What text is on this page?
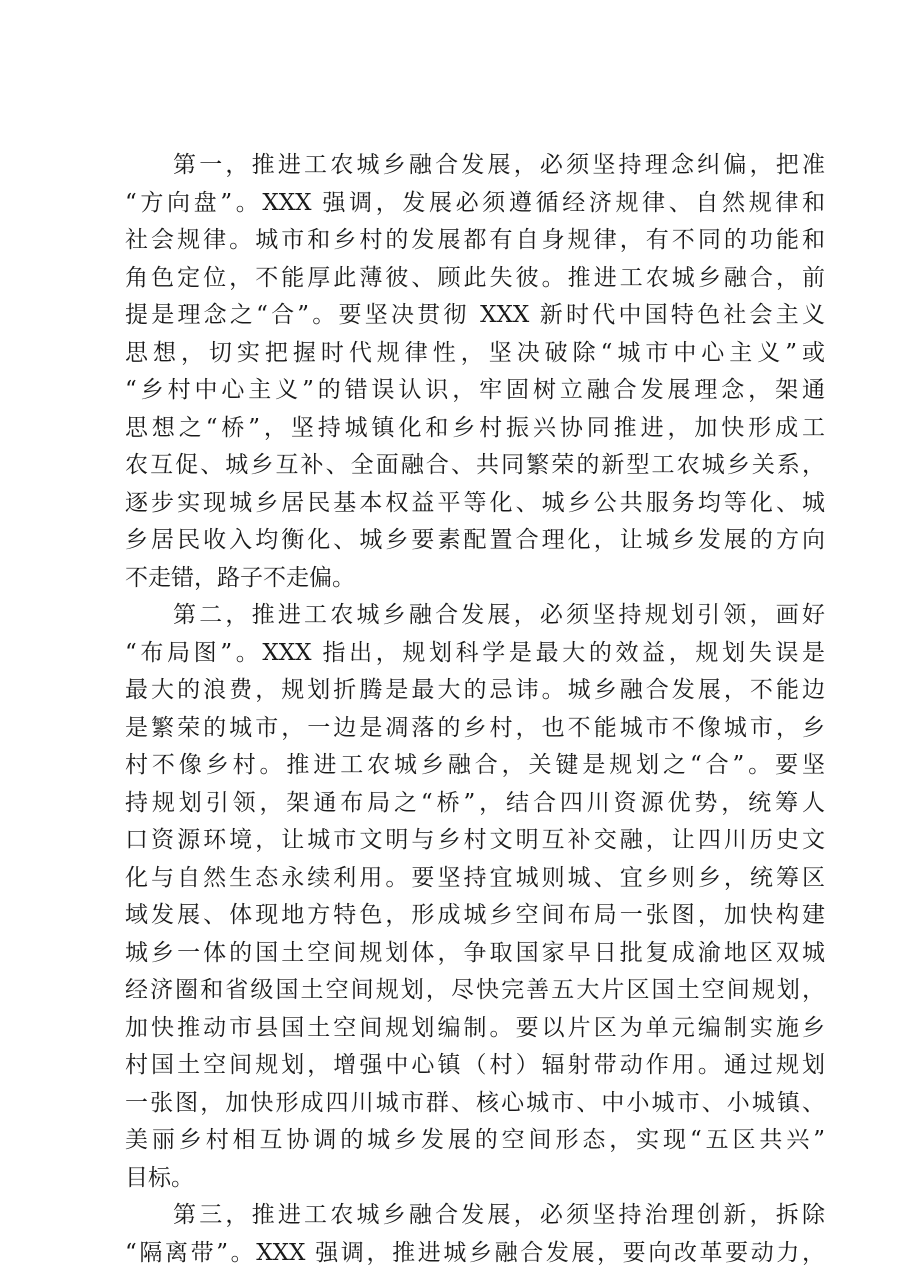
第一，推进工农城乡融合发展，必须坚持理念纠偏，把准
“方向盘”。XXX 强调，发展必须遵循经济规律、自然规律和
社会规律。城市和乡村的发展都有自身规律，有不同的功能和
角色定位，不能厚此薄彼、顾此失彼。推进工农城乡融合，前
提是理念之“合”。要坚决贯彻 XXX 新时代中国特色社会主义
思想，切实把握时代规律性，坚决破除“城市中心主义”或
“乡村中心主义”的错误认识，牢固树立融合发展理念，架通
思想之“桥”，坚持城镇化和乡村振兴协同推进，加快形成工
农互促、城乡互补、全面融合、共同繁荣的新型工农城乡关系，
逐步实现城乡居民基本权益平等化、城乡公共服务均等化、城
乡居民收入均衡化、城乡要素配置合理化，让城乡发展的方向
不走错，路子不走偏。
第二，推进工农城乡融合发展，必须坚持规划引领，画好
“布局图”。XXX 指出，规划科学是最大的效益，规划失误是
最大的浪费，规划折腾是最大的忌讳。城乡融合发展，不能边
是繁荣的城市，一边是凋落的乡村，也不能城市不像城市，乡
村不像乡村。推进工农城乡融合，关键是规划之“合”。要坚
持规划引领，架通布局之“桥”，结合四川资源优势，统筹人
口资源环境，让城市文明与乡村文明互补交融，让四川历史文
化与自然生态永续利用。要坚持宜城则城、宜乡则乡，统筹区
域发展、体现地方特色，形成城乡空间布局一张图，加快构建
城乡一体的国土空间规划体，争取国家早日批复成渝地区双城
经济圈和省级国土空间规划，尽快完善五大片区国土空间规划，
加快推动市县国土空间规划编制。要以片区为单元编制实施乡
村国土空间规划，增强中心镇（村）辐射带动作用。通过规划
一张图，加快形成四川城市群、核心城市、中小城市、小城镇、
美丽乡村相互协调的城乡发展的空间形态，实现“五区共兴”
目标。
第三，推进工农城乡融合发展，必须坚持治理创新，拆除
“隔离带”。XXX 强调，推进城乡融合发展，要向改革要动力，
